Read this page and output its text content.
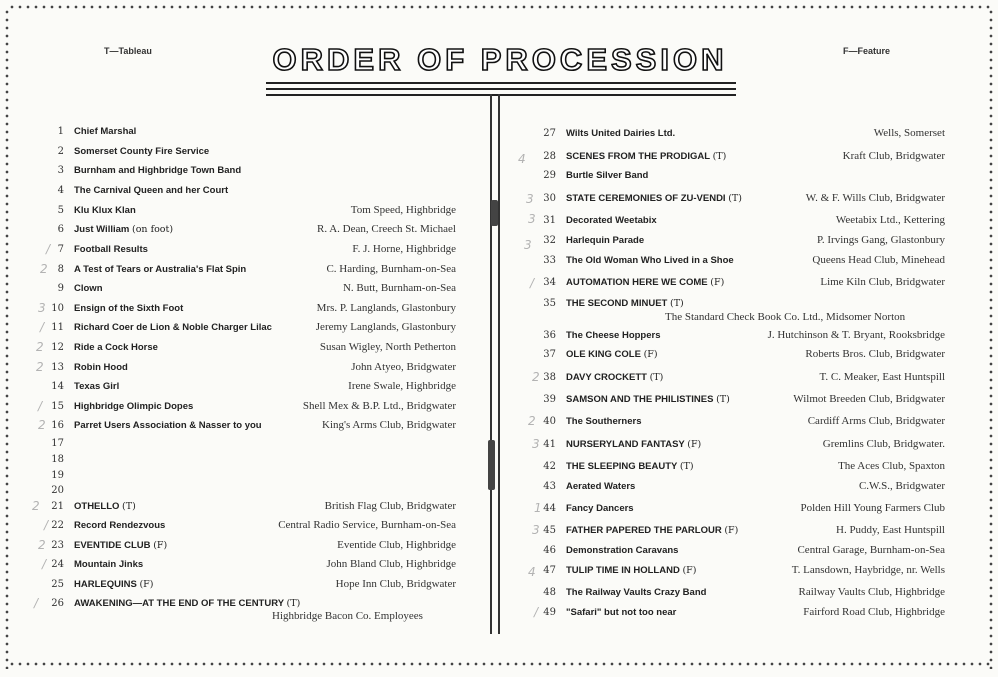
T—Tableau	ORDER OF PROCESSION	F—Feature
1 Chief Marshal
2 Somerset County Fire Service
3 Burnham and Highbridge Town Band
4 The Carnival Queen and her Court
5 Klu Klux Klan	Tom Speed, Highbridge
6 Just William (on foot)	R. A. Dean, Creech St. Michael
7 Football Results	F. J. Horne, Highbridge
8 A Test of Tears or Australia's Flat Spin	C. Harding, Burnham-on-Sea
9 Clown	N. Butt, Burnham-on-Sea
10 Ensign of the Sixth Foot	Mrs. P. Langlands, Glastonbury
11 Richard Coer de Lion & Noble Charger Lilac	Jeremy Langlands, Glastonbury
12 Ride a Cock Horse	Susan Wigley, North Petherton
13 Robin Hood	John Atyeo, Bridgwater
14 Texas Girl	Irene Swale, Highbridge
15 Highbridge Olimpic Dopes	Shell Mex & B.P. Ltd., Bridgwater
16 Parret Users Association & Nasser to you	King's Arms Club, Bridgwater
17
18
19
20
21 OTHELLO (T)	British Flag Club, Bridgwater
22 Record Rendezvous	Central Radio Service, Burnham-on-Sea
23 EVENTIDE CLUB (F)	Eventide Club, Highbridge
24 Mountain Jinks	John Bland Club, Highbridge
25 HARLEQUINS (F)	Hope Inn Club, Bridgwater
26 AWAKENING—AT THE END OF THE CENTURY (T)
Highbridge Bacon Co. Employees
27 Wilts United Dairies Ltd.	Wells, Somerset
28 SCENES FROM THE PRODIGAL (T)	Kraft Club, Bridgwater
29 Burtle Silver Band
30 STATE CEREMONIES OF ZU-VENDI (T)	W. & F. Wills Club, Bridgwater
31 Decorated Weetabix	Weetabix Ltd., Kettering
32 Harlequin Parade	P. Irvings Gang, Glastonbury
33 The Old Woman Who Lived in a Shoe	Queens Head Club, Minehead
34 AUTOMATION HERE WE COME (F)	Lime Kiln Club, Bridgwater
35 THE SECOND MINUET (T)
The Standard Check Book Co. Ltd., Midsomer Norton
36 The Cheese Hoppers	J. Hutchinson & T. Bryant, Rooksbridge
37 OLE KING COLE (F)	Roberts Bros. Club, Bridgwater
38 DAVY CROCKETT (T)	T. C. Meaker, East Huntspill
39 SAMSON AND THE PHILISTINES (T)	Wilmot Breeden Club, Bridgwater
40 The Southerners	Cardiff Arms Club, Bridgwater
41 NURSERYLAND FANTASY (F)	Gremlins Club, Bridgwater.
42 THE SLEEPING BEAUTY (T)	The Aces Club, Spaxton
43 Aerated Waters	C.W.S., Bridgwater
44 Fancy Dancers	Polden Hill Young Farmers Club
45 FATHER PAPERED THE PARLOUR (F)	H. Puddy, East Huntspill
46 Demonstration Caravans	Central Garage, Burnham-on-Sea
47 TULIP TIME IN HOLLAND (F)	T. Lansdown, Haybridge, nr. Wells
48 The Railway Vaults Crazy Band	Railway Vaults Club, Highbridge
49 "Safari" but not too near	Fairford Road Club, Highbridge
/
2
3
/
2
2
/
2
2
/
2
/
/
4
3
3
3
/
2
2
3
1
3
4
/
